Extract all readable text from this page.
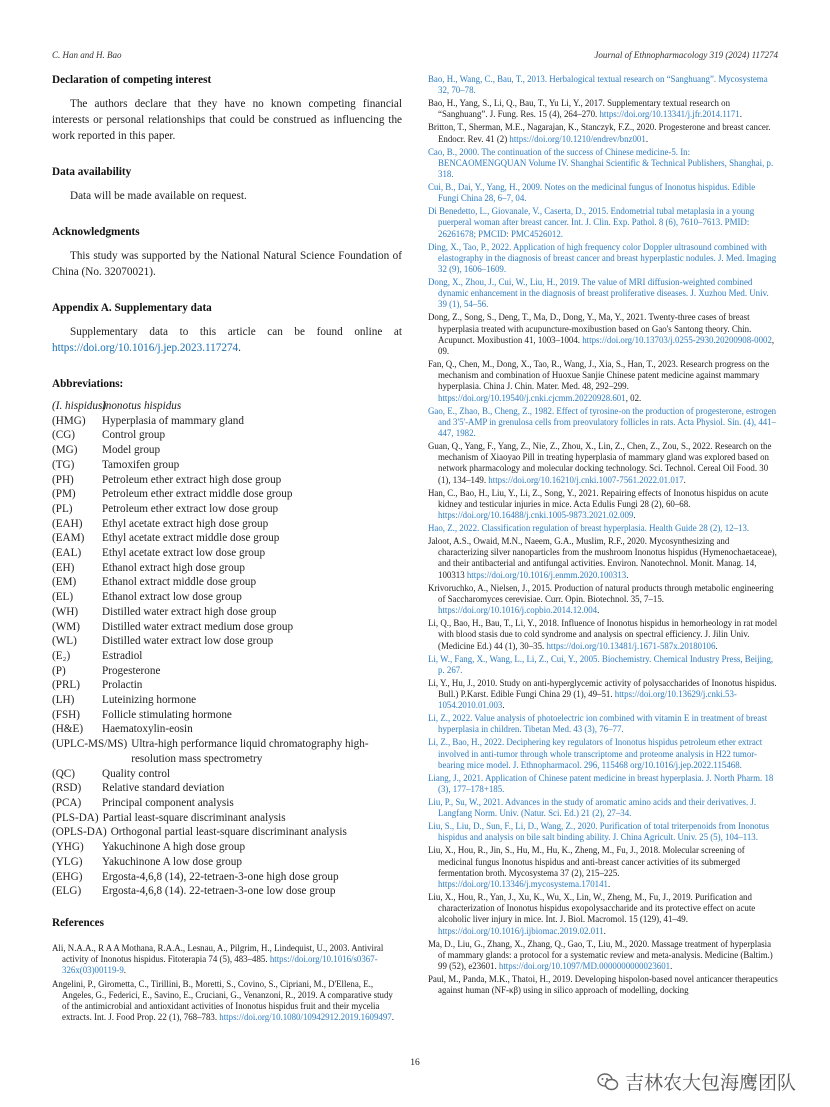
C. Han and H. Bao	Journal of Ethnopharmacology 319 (2024) 117274
Declaration of competing interest

The authors declare that they have no known competing financial interests or personal relationships that could be construed as influencing the work reported in this paper.

Data availability

Data will be made available on request.

Acknowledgments

This study was supported by the National Natural Science Foundation of China (No. 32070021).

Appendix A. Supplementary data

Supplementary data to this article can be found online at https://doi.org/10.1016/j.jep.2023.117274.

Abbreviations:
(I. hispidus)
Inonotus hispidus
(HMG)	Hyperplasia of mammary gland
(CG)	Control group
(MG)	Model group
(TG)	Tamoxifen group
(PH)	Petroleum ether extract high dose group
(PM)	Petroleum ether extract middle dose group
(PL)	Petroleum ether extract low dose group
(EAH)	Ethyl acetate extract high dose group
(EAM)	Ethyl acetate extract middle dose group
(EAL)	Ethyl acetate extract low dose group
(EH)	Ethanol extract high dose group
(EM)	Ethanol extract middle dose group
(EL)	Ethanol extract low dose group
(WH)	Distilled water extract high dose group
(WM)	Distilled water extract medium dose group
(WL)	Distilled water extract low dose group
(E₂)	Estradiol
(P)	Progesterone
(PRL)	Prolactin
(LH)	Luteinizing hormone
(FSH)	Follicle stimulating hormone
(H&E)	Haematoxylin-eosin
(UPLC-MS/MS) Ultra-high performance liquid chromatography high-resolution mass spectrometry
(QC)	Quality control
(RSD)	Relative standard deviation
(PCA)	Principal component analysis
(PLS-DA) Partial least-square discriminant analysis
(OPLS-DA) Orthogonal partial least-square discriminant analysis
(YHG)	Yakuchinone A high dose group
(YLG)	Yakuchinone A low dose group
(EHG)	Ergosta-4,6,8 (14), 22-tetraen-3-one high dose group
(ELG)	Ergosta-4,6,8 (14). 22-tetraen-3-one low dose group
References

Ali, N.A.A., R A A Mothana, R.A.A., Lesnau, A., Pilgrim, H., Lindequist, U., 2003. Antiviral activity of Inonotus hispidus. Fitoterapia 74 (5), 483–485. https://doi.org/10.1016/s0367-326x(03)00119-9.

Angelini, P., Girometta, C., Tirillini, B., Moretti, S., Covino, S., Cipriani, M., D'Ellena, E., Angeles, G., Federici, E., Savino, E., Cruciani, G., Venanzoni, R., 2019. A comparative study of the antimicrobial and antioxidant activities of Inonotus hispidus fruit and their mycelia extracts. Int. J. Food Prop. 22 (1), 768–783. https://doi.org/10.1080/10942912.2019.1609497.

Bao, H., Wang, C., Bau, T., 2013. Herbalogical textual research on “Sanghuang”. Mycosystema 32, 70–78.

Bao, H., Yang, S., Li, Q., Bau, T., Yu Li, Y., 2017. Supplementary textual research on “Sanghuang”. J. Fung. Res. 15 (4), 264–270. https://doi.org/10.13341/j.jfr.2014.1171.

Britton, T., Sherman, M.E., Nagarajan, K., Stanczyk, F.Z., 2020. Progesterone and breast cancer. Endocr. Rev. 41 (2) https://doi.org/10.1210/endrev/bnz001.

Cao, B., 2000. The continuation of the success of Chinese medicine-5. In: BENCAOMENGQUAN Volume IV. Shanghai Scientific & Technical Publishers, Shanghai, p. 318.

Cui, B., Dai, Y., Yang, H., 2009. Notes on the medicinal fungus of Inonotus hispidus. Edible Fungi China 28, 6–7, 04.

Di Benedetto, L., Giovanale, V., Caserta, D., 2015. Endometrial tubal metaplasia in a young puerperal woman after breast cancer. Int. J. Clin. Exp. Pathol. 8 (6), 7610–7613. PMID: 26261678; PMCID: PMC4526012.

Ding, X., Tao, P., 2022. Application of high frequency color Doppler ultrasound combined with elastography in the diagnosis of breast cancer and breast hyperplastic nodules. J. Med. Imaging 32 (9), 1606–1609.

Dong, X., Zhou, J., Cui, W., Liu, H., 2019. The value of MRI diffusion-weighted combined dynamic enhancement in the diagnosis of breast proliferative diseases. J. Xuzhou Med. Univ. 39 (1), 54–56.

Dong, Z., Song, S., Deng, T., Ma, D., Dong, Y., Ma, Y., 2021. Twenty-three cases of breast hyperplasia treated with acupuncture-moxibustion based on Gao's Santong theory. Chin. Acupunct. Moxibustion 41, 1003–1004. https://doi.org/10.13703/j.0255-2930.20200908-0002, 09.

Fan, Q., Chen, M., Dong, X., Tao, R., Wang, J., Xia, S., Han, T., 2023. Research progress on the mechanism and combination of Huoxue Sanjie Chinese patent medicine against mammary hyperplasia. China J. Chin. Mater. Med. 48, 292–299. https://doi.org/10.19540/j.cnki.cjcmm.20220928.601, 02.

Gao, E., Zhao, B., Cheng, Z., 1982. Effect of tyrosine-on the production of progesterone, estrogen and 3'5'-AMP in grenulosa cells from preovulatory follicles in rats. Acta Physiol. Sin. (4), 441–447, 1982.

Guan, Q., Yang, F., Yang, Z., Nie, Z., Zhou, X., Lin, Z., Chen, Z., Zou, S., 2022. Research on the mechanism of Xiaoyao Pill in treating hyperplasia of mammary gland was explored based on network pharmacology and molecular docking technology. Sci. Technol. Cereal Oil Food. 30 (1), 134–149. https://doi.org/10.16210/j.cnki.1007-7561.2022.01.017.

Han, C., Bao, H., Liu, Y., Li, Z., Song, Y., 2021. Repairing effects of Inonotus hispidus on acute kidney and testicular injuries in mice. Acta Edulis Fungi 28 (2), 60–68. https://doi.org/10.16488/j.cnki.1005-9873.2021.02.009.

Hao, Z., 2022. Classification regulation of breast hyperplasia. Health Guide 28 (2), 12–13.

Jaloot, A.S., Owaid, M.N., Naeem, G.A., Muslim, R.F., 2020. Mycosynthesizing and characterizing silver nanoparticles from the mushroom Inonotus hispidus (Hymenochaetaceae), and their antibacterial and antifungal activities. Environ. Nanotechnol. Monit. Manag. 14, 100313 https://doi.org/10.1016/j.enmm.2020.100313.

Krivoruchko, A., Nielsen, J., 2015. Production of natural products through metabolic engineering of Saccharomyces cerevisiae. Curr. Opin. Biotechnol. 35, 7–15. https://doi.org/10.1016/j.copbio.2014.12.004.

Li, Q., Bao, H., Bau, T., Li, Y., 2018. Influence of Inonotus hispidus in hemorheology in rat model with blood stasis due to cold syndrome and analysis on spectral efficiency. J. Jilin Univ. (Medicine Ed.) 44 (1), 30–35. https://doi.org/10.13481/j.1671-587x.20180106.

Li, W., Fang, X., Wang, L., Li, Z., Cui, Y., 2005. Biochemistry. Chemical Industry Press, Beijing, p. 267.

Li, Y., Hu, J., 2010. Study on anti-hyperglycemic activity of polysaccharides of Inonotus hispidus. Bull.) P.Karst. Edible Fungi China 29 (1), 49–51. https://doi.org/10.13629/j.cnki.53-1054.2010.01.003.

Li, Z., 2022. Value analysis of photoelectric ion combined with vitamin E in treatment of breast hyperplasia in children. Tibetan Med. 43 (3), 76–77.

Li, Z., Bao, H., 2022. Deciphering key regulators of Inonotus hispidus petroleum ether extract involved in anti-tumor through whole transcriptome and proteome analysis in H22 tumor-bearing mice model. J. Ethnopharmacol. 296, 115468 org/10.1016/j.jep.2022.115468.

Liang, J., 2021. Application of Chinese patent medicine in breast hyperplasia. J. North Pharm. 18 (3), 177–178+185.

Liu, P., Su, W., 2021. Advances in the study of aromatic amino acids and their derivatives. J. Langfang Norm. Univ. (Natur. Sci. Ed.) 21 (2), 27–34.

Liu, S., Liu, D., Sun, F., Li, D., Wang, Z., 2020. Purification of total triterpenoids from Inonotus hispidus and analysis on bile salt binding ability. J. China Agricult. Univ. 25 (5), 104–113.

Liu, X., Hou, R., Jin, S., Hu, M., Hu, K., Zheng, M., Fu, J., 2018. Molecular screening of medicinal fungus Inonotus hispidus and anti-breast cancer activities of its submerged fermentation broth. Mycosystema 37 (2), 215–225. https://doi.org/10.13346/j.mycosystema.170141.

Liu, X., Hou, R., Yan, J., Xu, K., Wu, X., Lin, W., Zheng, M., Fu, J., 2019. Purification and characterization of Inonotus hispidus exopolysaccharide and its protective effect on acute alcoholic liver injury in mice. Int. J. Biol. Macromol. 15 (129), 41–49. https://doi.org/10.1016/j.ijbiomac.2019.02.011.

Ma, D., Liu, G., Zhang, X., Zhang, Q., Gao, T., Liu, M., 2020. Massage treatment of hyperplasia of mammary glands: a protocol for a systematic review and meta-analysis. Medicine (Baltim.) 99 (52), e23601. https://doi.org/10.1097/MD.0000000000023601.

Paul, M., Panda, M.K., Thatoi, H., 2019. Developing hispolon-based novel anticancer therapeutics against human (NF-κβ) using in silico approach of modelling, docking

16
吉林农大包海鹰团队
